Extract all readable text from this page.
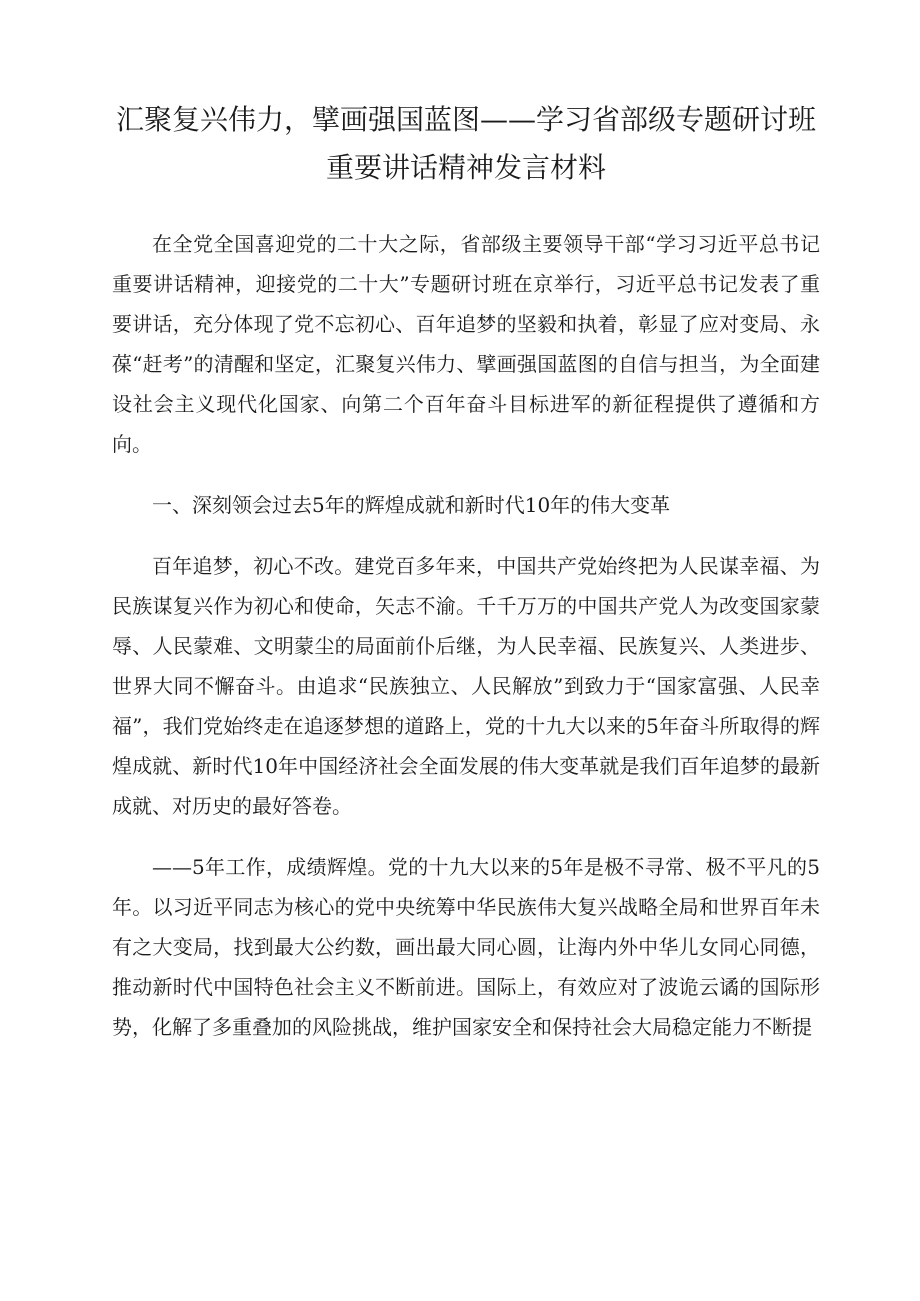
汇聚复兴伟力，擘画强国蓝图——学习省部级专题研讨班
重要讲话精神发言材料

在全党全国喜迎党的二十大之际，省部级主要领导干部“学习习近平总书记重要讲话精神，迎接党的二十大”专题研讨班在京举行，习近平总书记发表了重要讲话，充分体现了党不忘初心、百年追梦的坚毅和执着，彰显了应对变局、永葆“赶考”的清醒和坚定，汇聚复兴伟力、擘画强国蓝图的自信与担当，为全面建设社会主义现代化国家、向第二个百年奋斗目标进军的新征程提供了遵循和方向。

一、深刻领会过去5年的辉煌成就和新时代10年的伟大变革

百年追梦，初心不改。建党百多年来，中国共产党始终把为人民谋幸福、为民族谋复兴作为初心和使命，矢志不渝。千千万万的中国共产党人为改变国家蒙辱、人民蒙难、文明蒙尘的局面前仆后继，为人民幸福、民族复兴、人类进步、世界大同不懈奋斗。由追求“民族独立、人民解放”到致力于“国家富强、人民幸福”，我们党始终走在追逐梦想的道路上，党的十九大以来的5年奋斗所取得的辉煌成就、新时代10年中国经济社会全面发展的伟大变革就是我们百年追梦的最新成就、对历史的最好答卷。

——5年工作，成绩辉煌。党的十九大以来的5年是极不寻常、极不平凡的5年。以习近平同志为核心的党中央统筹中华民族伟大复兴战略全局和世界百年未有之大变局，找到最大公约数，画出最大同心圆，让海内外中华儿女同心同德，推动新时代中国特色社会主义不断前进。国际上，有效应对了波诡云谲的国际形势，化解了多重叠加的风险挑战，维护国家安全和保持社会大局稳定能力不断提
